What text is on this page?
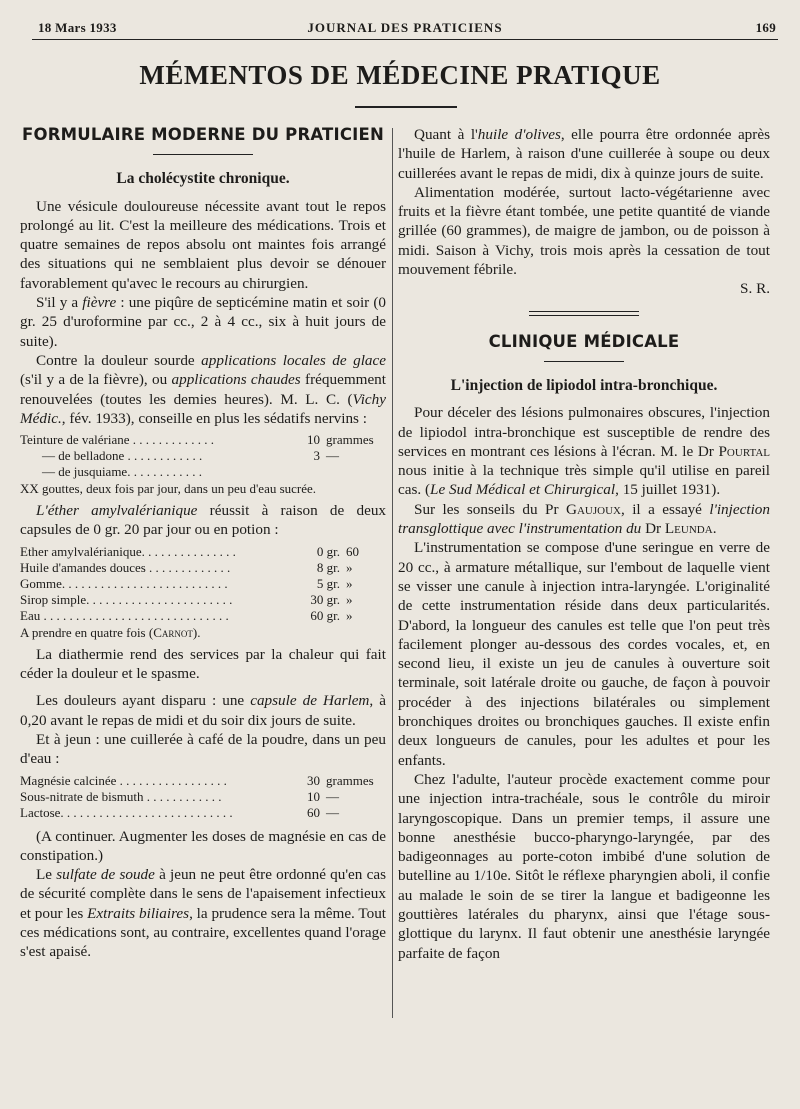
18 Mars 1933	JOURNAL DES PRATICIENS	169
MÉMENTOS DE MÉDECINE PRATIQUE
FORMULAIRE MODERNE DU PRATICIEN
La cholécystite chronique.

Une vésicule douloureuse nécessite avant tout le repos prolongé au lit. C'est la meilleure des médications. Trois et quatre semaines de repos absolu ont maintes fois arrangé des situations qui ne semblaient plus devoir se dénouer favorablement qu'avec le recours au chirurgien.

S'il y a fièvre : une piqûre de septicémine matin et soir (0 gr. 25 d'uroformine par cc., 2 à 4 cc., six à huit jours de suite).

Contre la douleur sourde applications locales de glace (s'il y a de la fièvre), ou applications chaudes fréquemment renouvelées (toutes les demies heures). M. L. C. (Vichy Médic., fév. 1933), conseille en plus les sédatifs nervins :

Teinture de valériane . . . . . . . . . . . . .	10 grammes
— de belladone . . . . . . . . . . . .	3 —
— de jusquiame. . . . . . . . . . . .
XX gouttes, deux fois par jour, dans un peu d'eau sucrée.

L'éther amylvalérianique réussit à raison de deux capsules de 0 gr. 20 par jour ou en potion :

Ether amylvalérianique. . . . . . . . . . . . . . .	0 gr. 60
Huile d'amandes douces . . . . . . . . . . . . .	8 gr. »
Gomme. . . . . . . . . . . . . . . . . . . . . . . . . .	5 gr. »
Sirop simple. . . . . . . . . . . . . . . . . . . . . . .	30 gr. »
Eau . . . . . . . . . . . . . . . . . . . . . . . . . . . . .	60 gr. »
A prendre en quatre fois (Carnot).

La diathermie rend des services par la chaleur qui fait céder la douleur et le spasme.

Les douleurs ayant disparu : une capsule de Harlem, à 0,20 avant le repas de midi et du soir dix jours de suite.

Et à jeun : une cuillerée à café de la poudre, dans un peu d'eau :

Magnésie calcinée . . . . . . . . . . . . . . . . .	30 grammes
Sous-nitrate de bismuth . . . . . . . . . . . .	10 —
Lactose. . . . . . . . . . . . . . . . . . . . . . . . . . .	60 —

(A continuer. Augmenter les doses de magnésie en cas de constipation.)

Le sulfate de soude à jeun ne peut être ordonné qu'en cas de sécurité complète dans le sens de l'apaisement infectieux et pour les Extraits biliaires, la prudence sera la même. Tout ces médications sont, au contraire, excellentes quand l'orage s'est apaisé.

Quant à l'huile d'olives, elle pourra être ordonnée après l'huile de Harlem, à raison d'une cuillerée à soupe ou deux cuillerées avant le repas de midi, dix à quinze jours de suite.

Alimentation modérée, surtout lacto-végétarienne avec fruits et la fièvre étant tombée, une petite quantité de viande grillée (60 grammes), de maigre de jambon, ou de poisson à midi. Saison à Vichy, trois mois après la cessation de tout mouvement fébrile.

S. R.
CLINIQUE MÉDICALE
L'injection de lipiodol intra-bronchique.

Pour déceler des lésions pulmonaires obscures, l'injection de lipiodol intra-bronchique est susceptible de rendre des services en montrant ces lésions à l'écran. M. le Dr Pourtal nous initie à la technique très simple qu'il utilise en pareil cas. (Le Sud Médical et Chirurgical, 15 juillet 1931).

Sur les sonseils du Pr Gaujoux, il a essayé l'injection transglottique avec l'instrumentation du Dr Leunda.

L'instrumentation se compose d'une seringue en verre de 20 cc., à armature métallique, sur l'embout de laquelle vient se visser une canule à injection intra-laryngée. L'originalité de cette instrumentation réside dans deux particularités. D'abord, la longueur des canules est telle que l'on peut très facilement plonger au-dessous des cordes vocales, et, en second lieu, il existe un jeu de canules à ouverture soit terminale, soit latérale droite ou gauche, de façon à pouvoir procéder à des injections bilatérales ou simplement bronchiques droites ou bronchiques gauches. Il existe enfin deux longueurs de canules, pour les adultes et pour les enfants.

Chez l'adulte, l'auteur procède exactement comme pour une injection intra-trachéale, sous le contrôle du miroir laryngoscopique. Dans un premier temps, il assure une bonne anesthésie bucco-pharyngo-laryngée, par des badigeonnages au porte-coton imbibé d'une solution de butelline au 1/10e. Sitôt le réflexe pharyngien aboli, il confie au malade le soin de se tirer la langue et badigeonne les gouttières latérales du pharynx, ainsi que l'étage sous-glottique du larynx. Il faut obtenir une anesthésie laryngée parfaite de façon
